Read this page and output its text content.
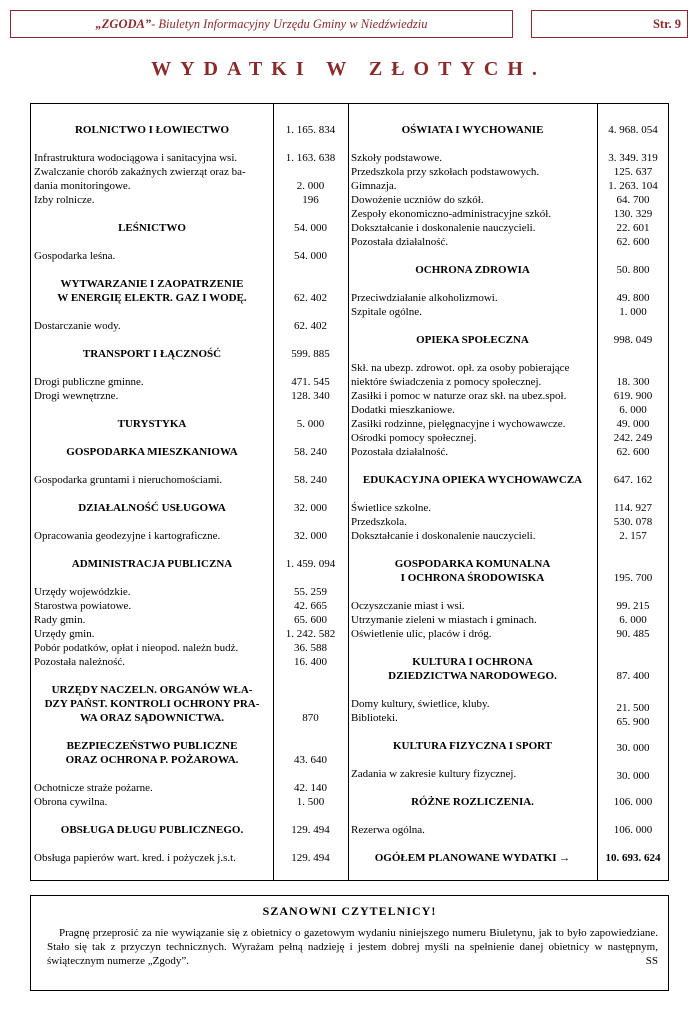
„ZGODA” - Biuletyn Informacyjny Urzędu Gminy w Niedźwiedziu	Str. 9
WYDATKI W ZŁOTYCH.
ROLNICTWO I ŁOWIECTWO	1. 165. 834
Infrastruktura wodociągowa i sanitacyjna wsi.	1. 163. 638
Zwalczanie chorób zakaźnych zwierząt oraz ba-
dania monitoringowe.	2. 000
Izby rolnicze.	196
LEŚNICTWO	54. 000
Gospodarka leśna.	54. 000
WYTWARZANIE I ZAOPATRZENIE
W ENERGIĘ ELEKTR. GAZ I WODĘ.	62. 402
Dostarczanie wody.	62. 402
TRANSPORT I ŁĄCZNOŚĆ	599. 885
Drogi publiczne gminne.	471. 545
Drogi wewnętrzne.	128. 340
TURYSTYKA	5. 000
GOSPODARKA MIESZKANIOWA	58. 240
Gospodarka gruntami i nieruchomościami.	58. 240
DZIAŁALNOŚĆ USŁUGOWA	32. 000
Opracowania geodezyjne i kartograficzne.	32. 000
ADMINISTRACJA PUBLICZNA	1. 459. 094
Urzędy wojewódzkie.	55. 259
Starostwa powiatowe.	42. 665
Rady gmin.	65. 600
Urzędy gmin.	1. 242. 582
Pobór podatków, opłat i nieopod. należn budż.	36. 588
Pozostała należność.	16. 400
URZĘDY NACZELN. ORGANÓW WŁA-
DZY PAŃST. KONTROLI OCHRONY PRA-
WA ORAZ SĄDOWNICTWA.	870
BEZPIECZEŃSTWO PUBLICZNE
ORAZ OCHRONA P. POŻAROWA.	43. 640
Ochotnicze straże pożarne.	42. 140
Obrona cywilna.	1. 500
OBSŁUGA DŁUGU PUBLICZNEGO.	129. 494
Obsługa papierów wart. kred. i pożyczek j.s.t.	129. 494
OŚWIATA I WYCHOWANIE	4. 968. 054
Szkoły podstawowe.	3. 349. 319
Przedszkola przy szkołach podstawowych.	125. 637
Gimnazja.	1. 263. 104
Dowożenie uczniów do szkół.	64. 700
Zespoły ekonomiczno-administracyjne szkół.	130. 329
Dokształcanie i doskonalenie nauczycieli.	22. 601
Pozostała działalność.	62. 600
OCHRONA ZDROWIA	50. 800
Przeciwdziałanie alkoholizmowi.	49. 800
Szpitale ogólne.	1. 000
OPIEKA SPOŁECZNA	998. 049
Skł. na ubezp. zdrowot. opł. za osoby pobierające
niektóre świadczenia z pomocy społecznej.	18. 300
Zasiłki i pomoc w naturze oraz skł. na ubez.społ.	619. 900
Dodatki mieszkaniowe.	6. 000
Zasiłki rodzinne, pielęgnacyjne i wychowawcze.	49. 000
Ośrodki pomocy społecznej.	242. 249
Pozostała działalność.	62. 600
EDUKACYJNA OPIEKA WYCHOWAWCZA	647. 162
Świetlice szkolne.	114. 927
Przedszkola.	530. 078
Dokształcanie i doskonalenie nauczycieli.	2. 157
GOSPODARKA KOMUNALNA
I OCHRONA ŚRODOWISKA	195. 700
Oczyszczanie miast i wsi.	99. 215
Utrzymanie zieleni w miastach i gminach.	6. 000
Oświetlenie ulic, placów i dróg.	90. 485
KULTURA I OCHRONA
DZIEDZICTWA NARODOWEGO.	87. 400
Domy kultury, świetlice, kluby.	21. 500
Biblioteki.	65. 900
KULTURA FIZYCZNA I SPORT	30. 000
Zadania w zakresie kultury fizycznej.	30. 000
RÓŻNE ROZLICZENIA.	106. 000
Rezerwa ogólna.	106. 000
OGÓŁEM PLANOWANE WYDATKI →	10. 693. 624
SZANOWNI CZYTELNICY!
Pragnę przeprosić za nie wywiązanie się z obietnicy o gazetowym wydaniu niniejszego numeru Biuletynu, jak to było zapowiedziane. Stało się tak z przyczyn technicznych. Wyrażam pełną nadzieję i jestem dobrej myśli na spełnienie danej obietnicy w następnym, świątecznym numerze „Zgody”.	SS
